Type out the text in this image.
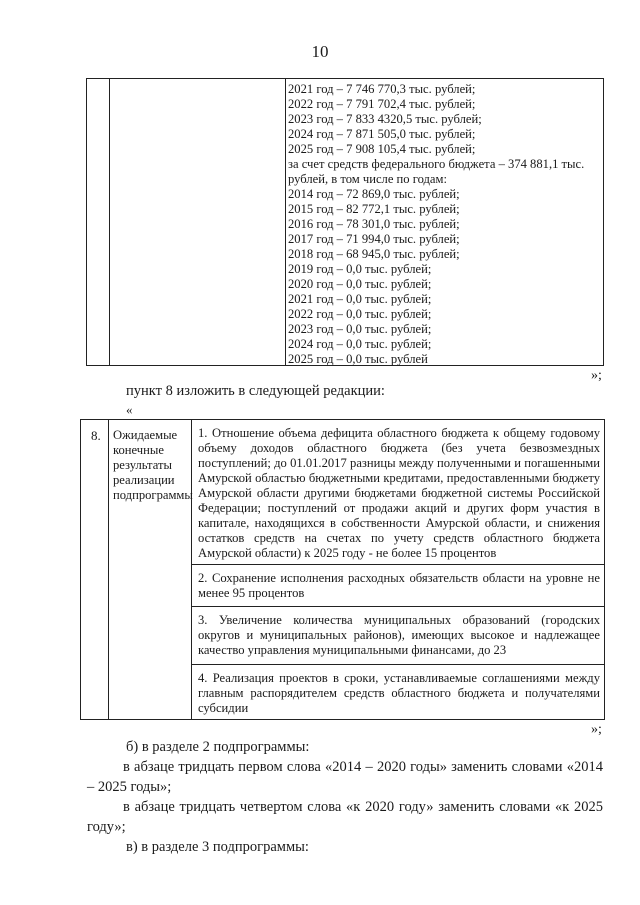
10
2021 год – 7 746 770,3 тыс. рублей;
2022 год – 7 791 702,4 тыс. рублей;
2023 год – 7 833 4320,5 тыс. рублей;
2024 год – 7 871 505,0 тыс. рублей;
2025 год – 7 908 105,4 тыс. рублей;
за счет средств федерального бюджета – 374 881,1 тыс. рублей, в том числе по годам:
2014 год – 72 869,0 тыс. рублей;
2015 год – 82 772,1 тыс. рублей;
2016 год – 78 301,0 тыс. рублей;
2017 год – 71 994,0 тыс. рублей;
2018 год – 68 945,0 тыс. рублей;
2019 год – 0,0 тыс. рублей;
2020 год – 0,0 тыс. рублей;
2021 год – 0,0 тыс. рублей;
2022 год – 0,0 тыс. рублей;
2023 год – 0,0 тыс. рублей;
2024 год – 0,0 тыс. рублей;
2025 год – 0,0 тыс. рублей
»;
пункт 8 изложить в следующей редакции:
«
8. Ожидаемые конечные результаты реализации подпрограммы
1. Отношение объема дефицита областного бюджета к общему годовому объему доходов областного бюджета (без учета безвозмездных поступлений; до 01.01.2017 разницы между полученными и погашенными Амурской областью бюджетными кредитами, предоставленными бюджету Амурской области другими бюджетами бюджетной системы Российской Федерации; поступлений от продажи акций и других форм участия в капитале, находящихся в собственности Амурской области, и снижения остатков средств на счетах по учету средств областного бюджета Амурской области) к 2025 году - не более 15 процентов
2. Сохранение исполнения расходных обязательств области на уровне не менее 95 процентов
3. Увеличение количества муниципальных образований (городских округов и муниципальных районов), имеющих высокое и надлежащее качество управления муниципальными финансами, до 23
4. Реализация проектов в сроки, устанавливаемые соглашениями между главным распорядителем средств областного бюджета и получателями субсидии
»;
б) в разделе 2 подпрограммы:
в абзаце тридцать первом слова «2014 – 2020 годы» заменить словами «2014 – 2025 годы»;
в абзаце тридцать четвертом слова «к 2020 году» заменить словами «к 2025 году»;
в) в разделе 3 подпрограммы:
